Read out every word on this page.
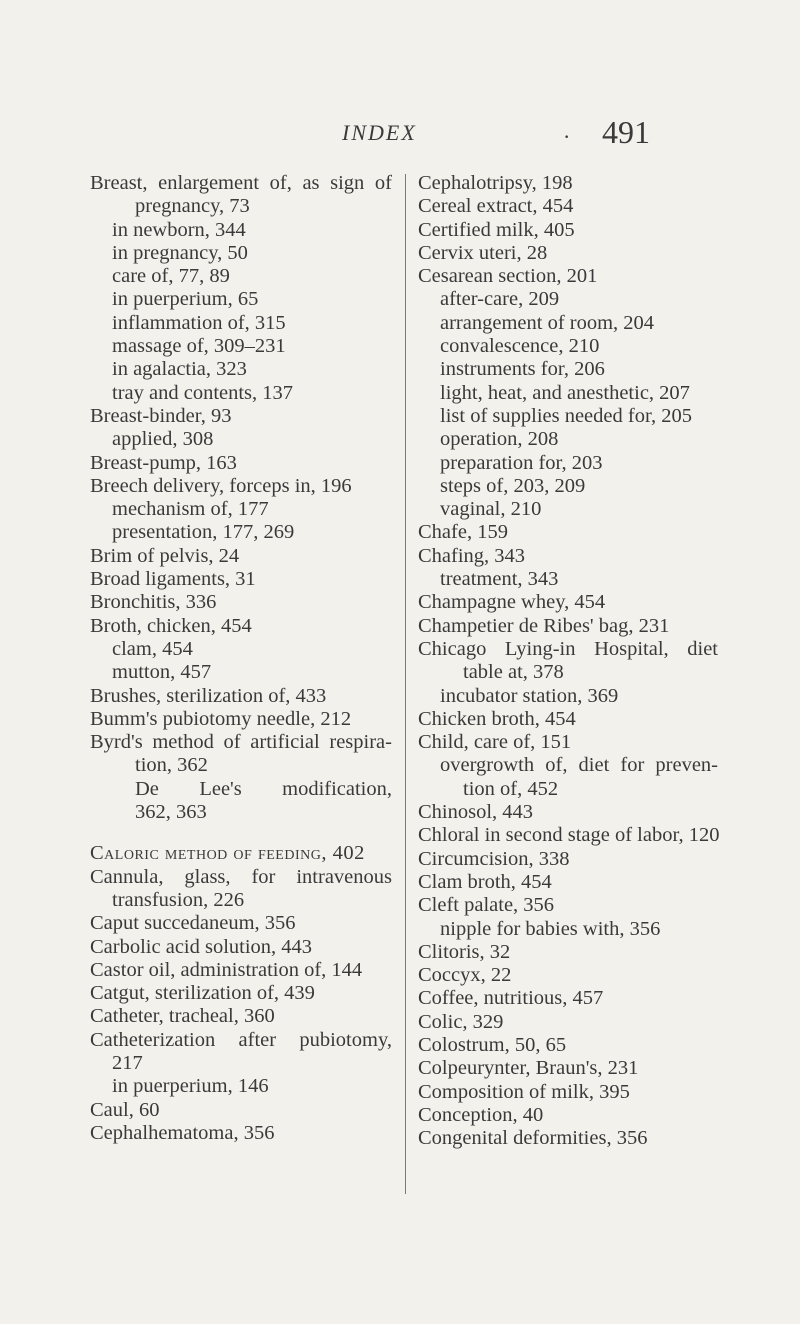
INDEX	· 491
Breast, enlargement of, as sign of
pregnancy, 73
in newborn, 344
in pregnancy, 50
care of, 77, 89
in puerperium, 65
inflammation of, 315
massage of, 309–231
in agalactia, 323
tray and contents, 137
Breast-binder, 93
applied, 308
Breast-pump, 163
Breech delivery, forceps in, 196
mechanism of, 177
presentation, 177, 269
Brim of pelvis, 24
Broad ligaments, 31
Bronchitis, 336
Broth, chicken, 454
clam, 454
mutton, 457
Brushes, sterilization of, 433
Bumm's pubiotomy needle, 212
Byrd's method of artificial respira-
tion, 362
De Lee's modification,
362, 363
Caloric method of feeding, 402
Cannula, glass, for intravenous
transfusion, 226
Caput succedaneum, 356
Carbolic acid solution, 443
Castor oil, administration of, 144
Catgut, sterilization of, 439
Catheter, tracheal, 360
Catheterization after pubiotomy,
217
in puerperium, 146
Caul, 60
Cephalhematoma, 356
Cephalotripsy, 198
Cereal extract, 454
Certified milk, 405
Cervix uteri, 28
Cesarean section, 201
after-care, 209
arrangement of room, 204
convalescence, 210
instruments for, 206
light, heat, and anesthetic, 207
list of supplies needed for, 205
operation, 208
preparation for, 203
steps of, 203, 209
vaginal, 210
Chafe, 159
Chafing, 343
treatment, 343
Champagne whey, 454
Champetier de Ribes' bag, 231
Chicago Lying-in Hospital, diet
table at, 378
incubator station, 369
Chicken broth, 454
Child, care of, 151
overgrowth of, diet for preven-
tion of, 452
Chinosol, 443
Chloral in second stage of labor, 120
Circumcision, 338
Clam broth, 454
Cleft palate, 356
nipple for babies with, 356
Clitoris, 32
Coccyx, 22
Coffee, nutritious, 457
Colic, 329
Colostrum, 50, 65
Colpeurynter, Braun's, 231
Composition of milk, 395
Conception, 40
Congenital deformities, 356
